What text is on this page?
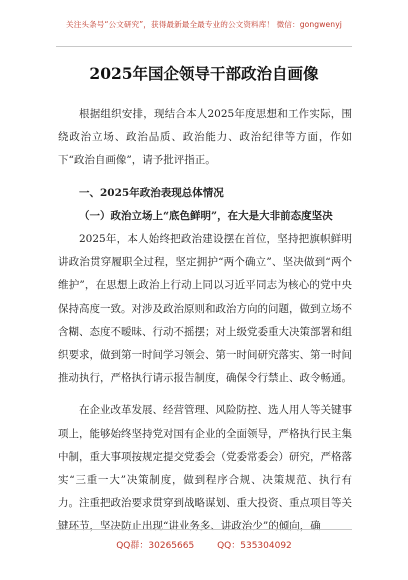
关注头条号“公文研究”，获得最新最全最专业的公文资料库！ 微信：gongwenyj
2025年国企领导干部政治自画像

根据组织安排，现结合本人2025年度思想和工作实际，围绕政治立场、政治品质、政治能力、政治纪律等方面，作如下“政治自画像”，请予批评指正。

一、2025年政治表现总体情况

（一）政治立场上“底色鲜明”，在大是大非前态度坚决

2025年，本人始终把政治建设摆在首位，坚持把旗帜鲜明讲政治贯穿履职全过程，坚定拥护“两个确立”、坚决做到“两个维护”，在思想上政治上行动上同以习近平同志为核心的党中央保持高度一致。对涉及政治原则和政治方向的问题，做到立场不含糊、态度不暧昧、行动不摇摆；对上级党委重大决策部署和组织要求，做到第一时间学习领会、第一时间研究落实、第一时间推动执行，严格执行请示报告制度，确保令行禁止、政令畅通。

在企业改革发展、经营管理、风险防控、选人用人等关键事项上，能够始终坚持党对国有企业的全面领导，严格执行民主集中制，重大事项按规定提交党委会（党委常委会）研究，严格落实“三重一大”决策制度，做到程序合规、决策规范、执行有力。注重把政治要求贯穿到战略谋划、重大投资、重点项目等关键环节，坚决防止出现“讲业务多、讲政治少”的倾向，确

QQ群：30265665	QQ：535304092
